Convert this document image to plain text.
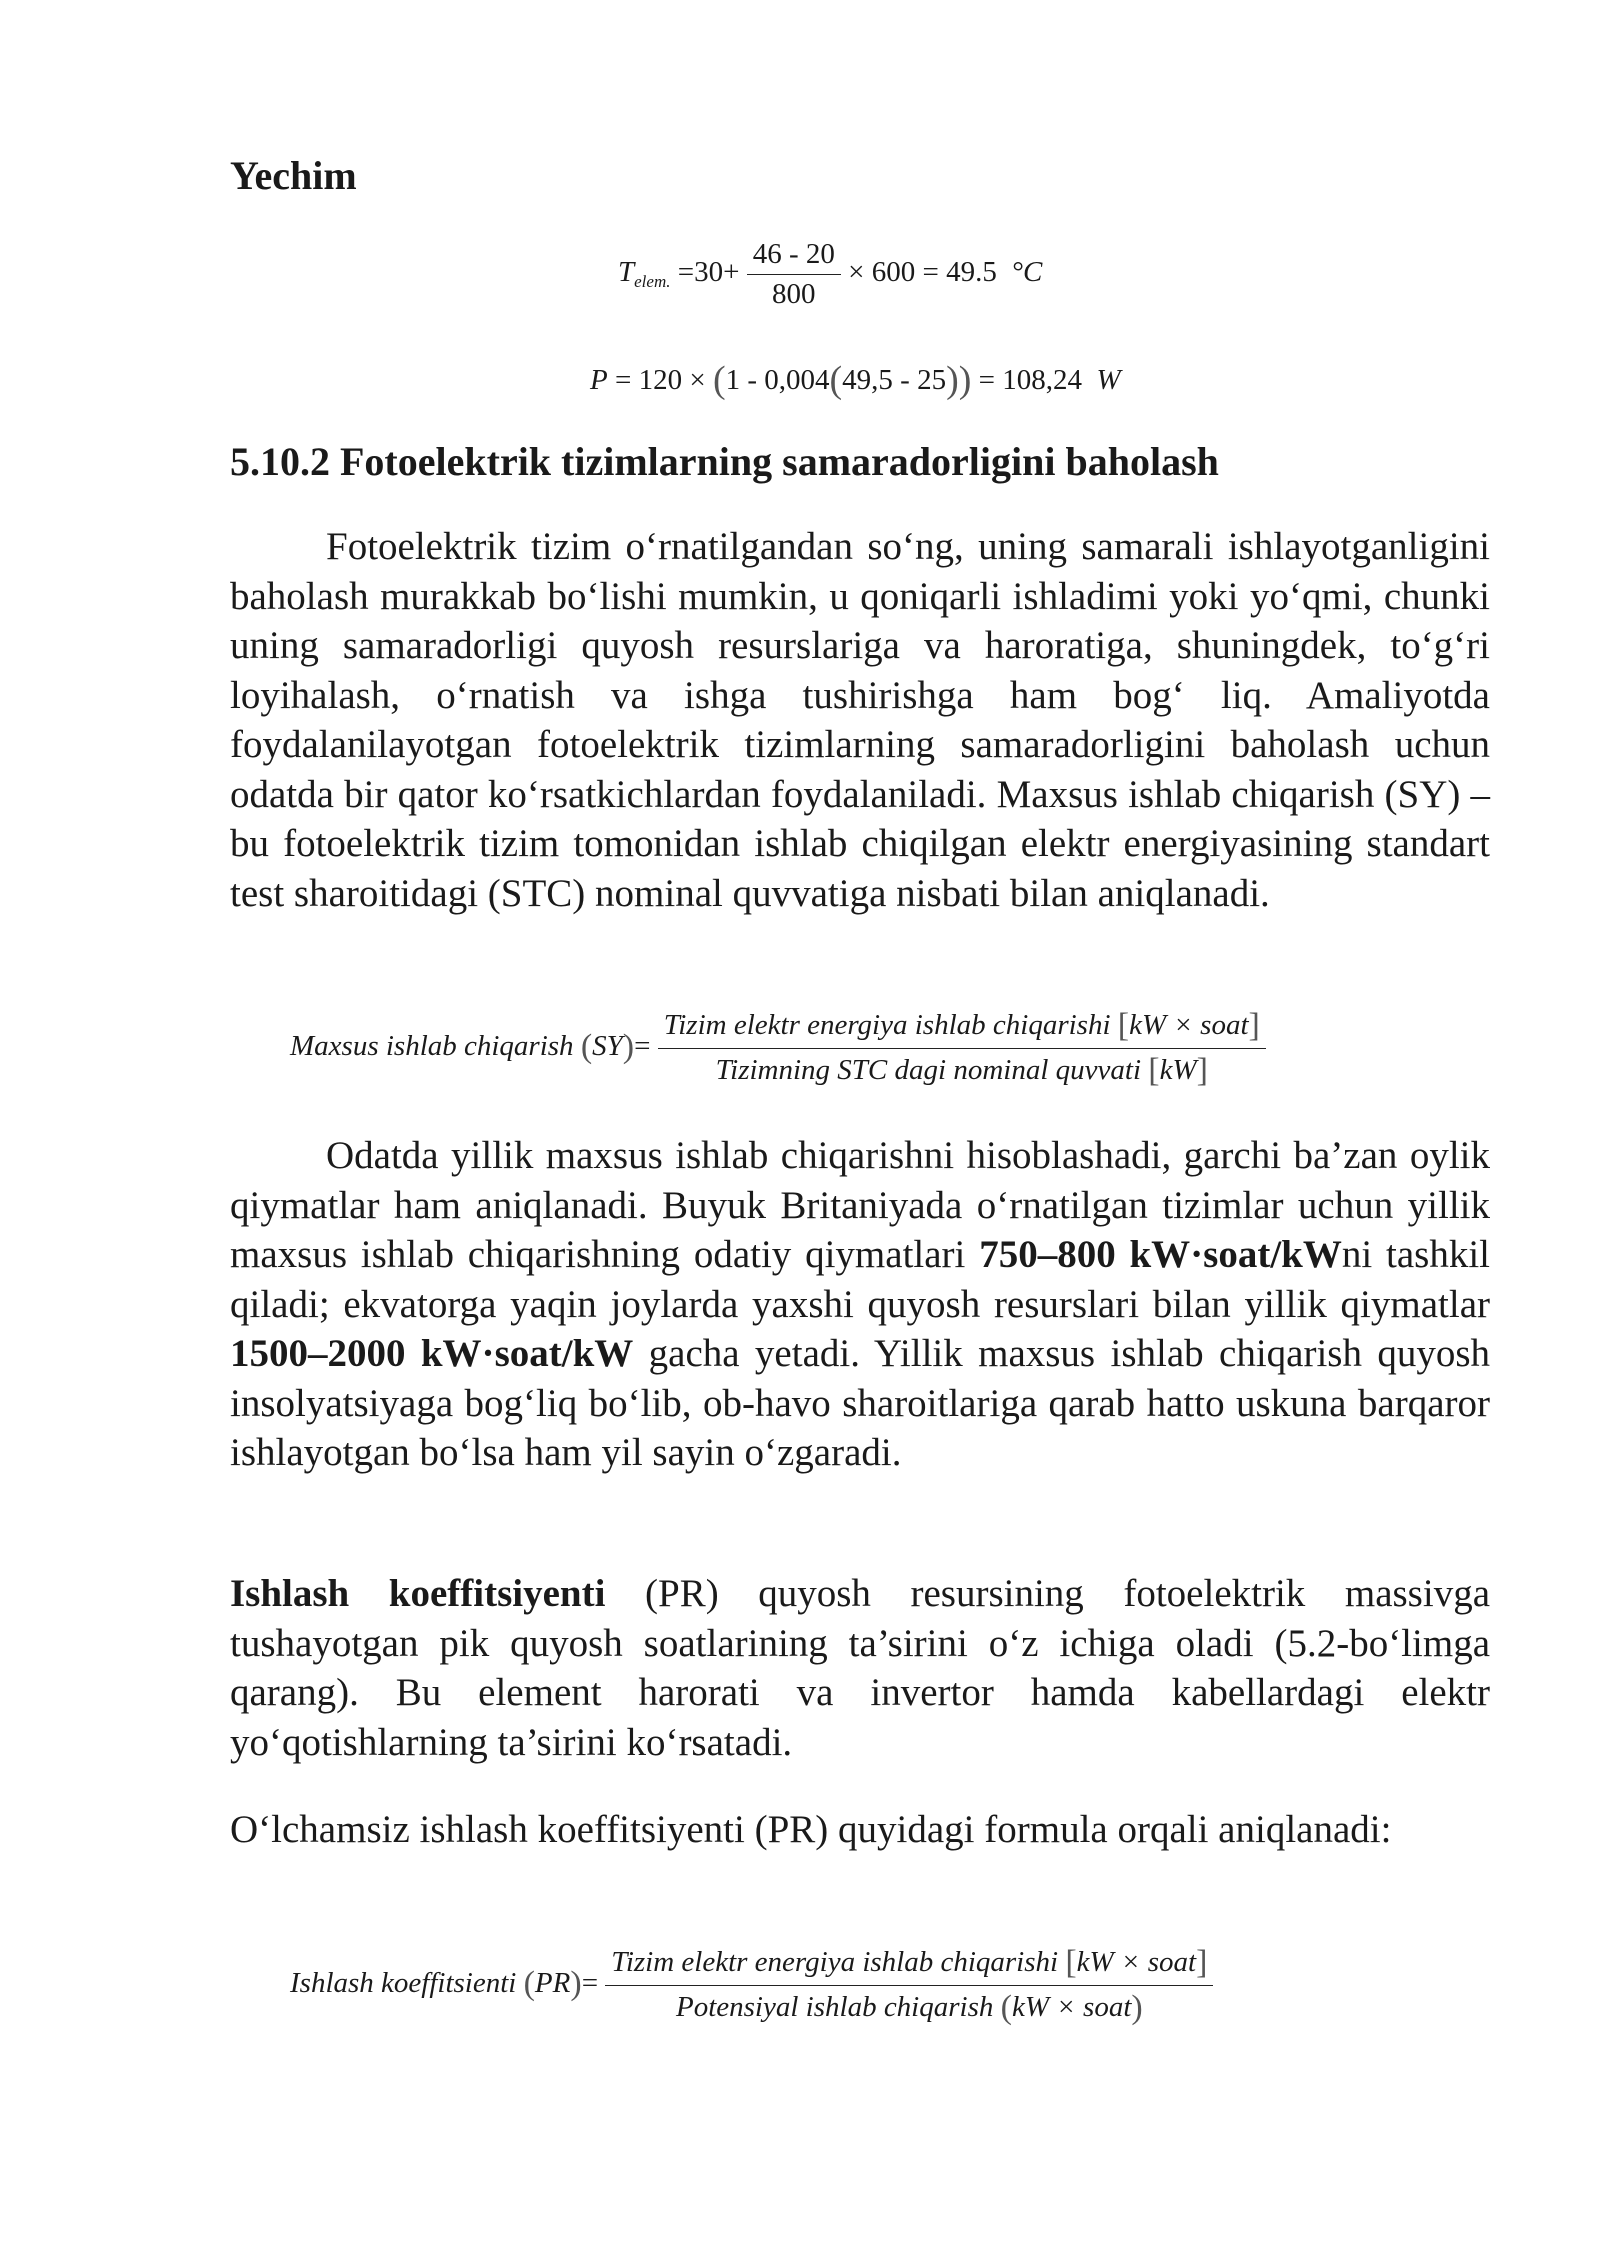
Yechim
$T_{elem.} =30+ \frac{46 - 20}{800} \times 600 = 49.5$ °C
P = 120 × (1 - 0,004(49,5 - 25)) = 108,24 W
5.10.2 Fotoelektrik tizimlarning samaradorligini baholash

Fotoelektrik tizim o‘rnatilgandan so‘ng, uning samarali ishlayotganligini baholash murakkab bo‘lishi mumkin, u qoniqarli ishladimi yoki yo‘qmi, chunki uning samaradorligi quyosh resurslariga va haroratiga, shuningdek, to‘g‘ri loyihalash, o‘rnatish va ishga tushirishga ham bog‘ liq. Amaliyotda foydalanilayotgan fotoelektrik tizimlarning samaradorligini baholash uchun odatda bir qator ko‘rsatkichlardan foydalaniladi. Maxsus ishlab chiqarish (SY) – bu fotoelektrik tizim tomonidan ishlab chiqilgan elektr energiyasining standart test sharoitidagi (STC) nominal quvvatiga nisbati bilan aniqlanadi.

Maxsus ishlab chiqarish (SY)=
Tizim elektr energiya ishlab chiqarishi [kW × soat]
Tizimning STC dagi nominal quvvati [kW]

Odatda yillik maxsus ishlab chiqarishni hisoblashadi, garchi ba’zan oylik qiymatlar ham aniqlanadi. Buyuk Britaniyada o‘rnatilgan tizimlar uchun yillik maxsus ishlab chiqarishning odatiy qiymatlari 750–800 kW·soat/kWni tashkil qiladi; ekvatorga yaqin joylarda yaxshi quyosh resurslari bilan yillik qiymatlar 1500–2000 kW·soat/kW gacha yetadi. Yillik maxsus ishlab chiqarish quyosh insolyatsiyaga bog‘liq bo‘lib, ob-havo sharoitlariga qarab hatto uskuna barqaror ishlayotgan bo‘lsa ham yil sayin o‘zgaradi.

Ishlash koeffitsiyenti (PR) quyosh resursining fotoelektrik massivga tushayotgan pik quyosh soatlarining ta’sirini o‘z ichiga oladi (5.2-bo‘limga qarang). Bu element harorati va invertor hamda kabellardagi elektr yo‘qotishlarning ta’sirini ko‘rsatadi.

O‘lchamsiz ishlash koeffitsiyenti (PR) quyidagi formula orqali aniqlanadi:

Ishlash koeffitsienti (PR)=
Tizim elektr energiya ishlab chiqarishi [kW × soat]
Potensiyal ishlab chiqarish (kW × soat)
